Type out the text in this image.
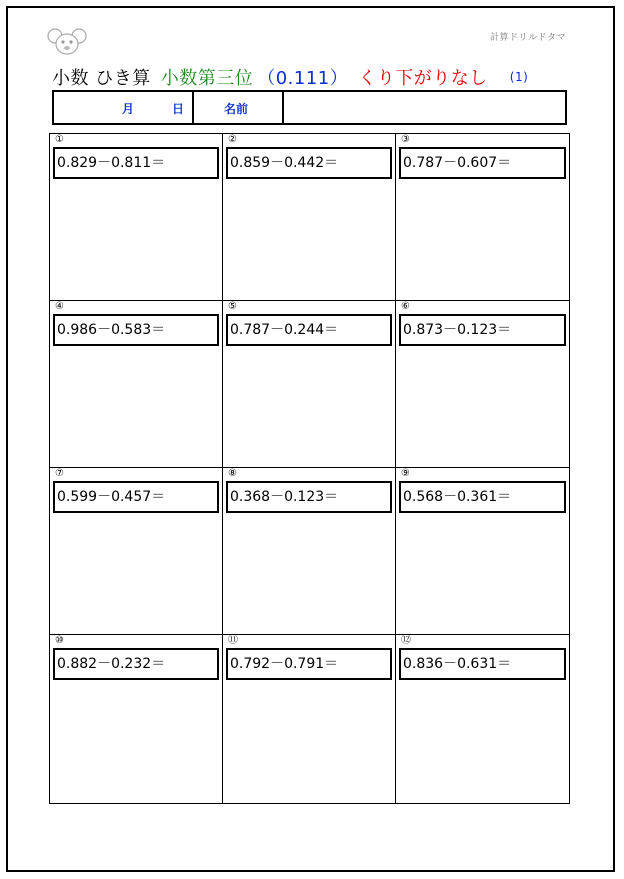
計算ドリルドタマ
小数 ひき算 小数第三位 （0.111） くり下がりなし (1)
月	日	名前
①
0.829－0.811＝
②
0.859－0.442＝
③
0.787－0.607＝
④
0.986－0.583＝
⑤
0.787－0.244＝
⑥
0.873－0.123＝
⑦
0.599－0.457＝
⑧
0.368－0.123＝
⑨
0.568－0.361＝
⑩
0.882－0.232＝
⑪
0.792－0.791＝
⑫
0.836－0.631＝
